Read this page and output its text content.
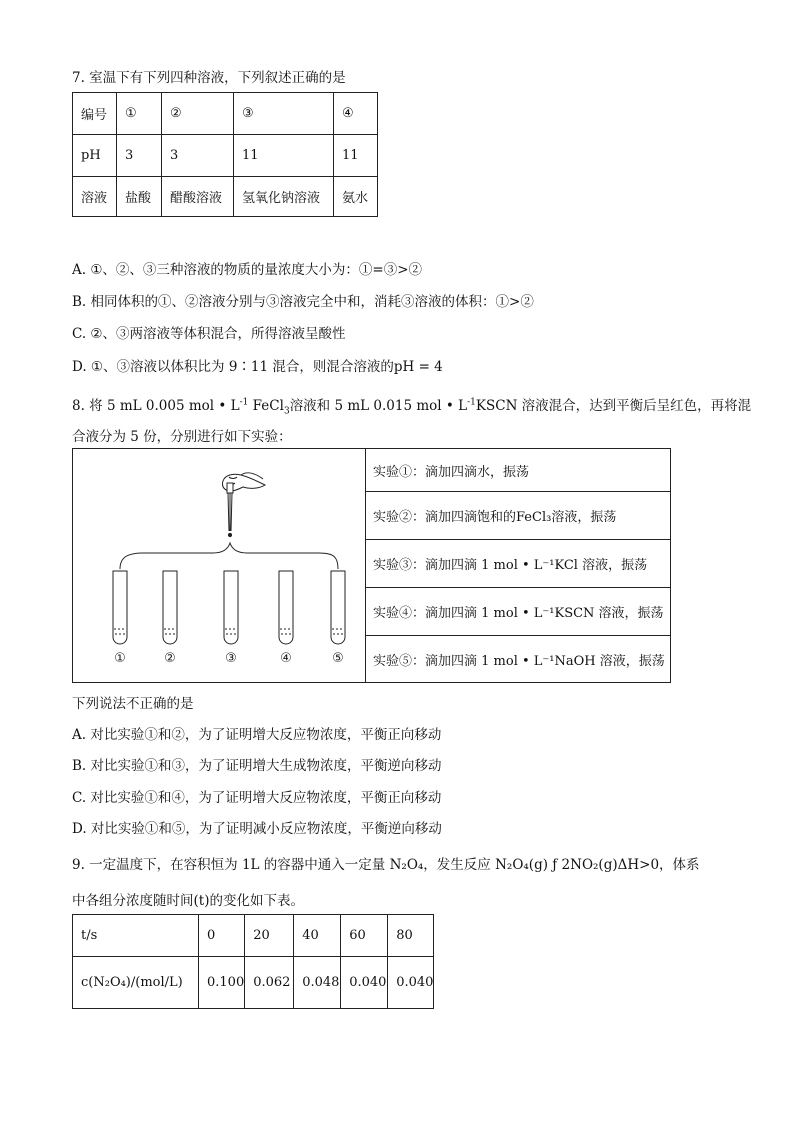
7. 室温下有下列四种溶液，下列叙述正确的是
编号	①	②	③	④
pH	3	3	11	11
溶液	盐酸	醋酸溶液	氢氧化钠溶液	氨水
A. ①、②、③三种溶液的物质的量浓度大小为：①=③>②
B. 相同体积的①、②溶液分别与③溶液完全中和，消耗③溶液的体积：①>②
C. ②、③两溶液等体积混合，所得溶液呈酸性
D. ①、③溶液以体积比为 9∶11 混合，则混合溶液的pH = 4
8. 将 5 mL 0.005 mol • $L^{-1}$ FeCl$_3$溶液和 5 mL 0.015 mol • $L^{-1}KSCN$ 溶液混合，达到平衡后呈红色，再将混
合液分为 5 份，分别进行如下实验：
①	②	③	④	⑤
实验①：滴加四滴水，振荡
实验②：滴加四滴饱和的FeCl₃溶液，振荡
实验③：滴加四滴 1 mol • L⁻¹KCl 溶液，振荡
实验④：滴加四滴 1 mol • L⁻¹KSCN 溶液，振荡
实验⑤：滴加四滴 1 mol • L⁻¹NaOH 溶液，振荡
下列说法不正确的是
A. 对比实验①和②，为了证明增大反应物浓度，平衡正向移动
B. 对比实验①和③，为了证明增大生成物浓度，平衡逆向移动
C. 对比实验①和④，为了证明增大反应物浓度，平衡正向移动
D. 对比实验①和⑤，为了证明减小反应物浓度，平衡逆向移动
9. 一定温度下，在容积恒为 1L 的容器中通入一定量 N₂O₄，发生反应 N₂O₄(g) ƒ 2NO₂(g)ΔH>0，体系
中各组分浓度随时间(t)的变化如下表。
t/s	0	20	40	60	80
c(N₂O₄)/(mol/L)	0.100	0.062	0.048	0.040	0.040
